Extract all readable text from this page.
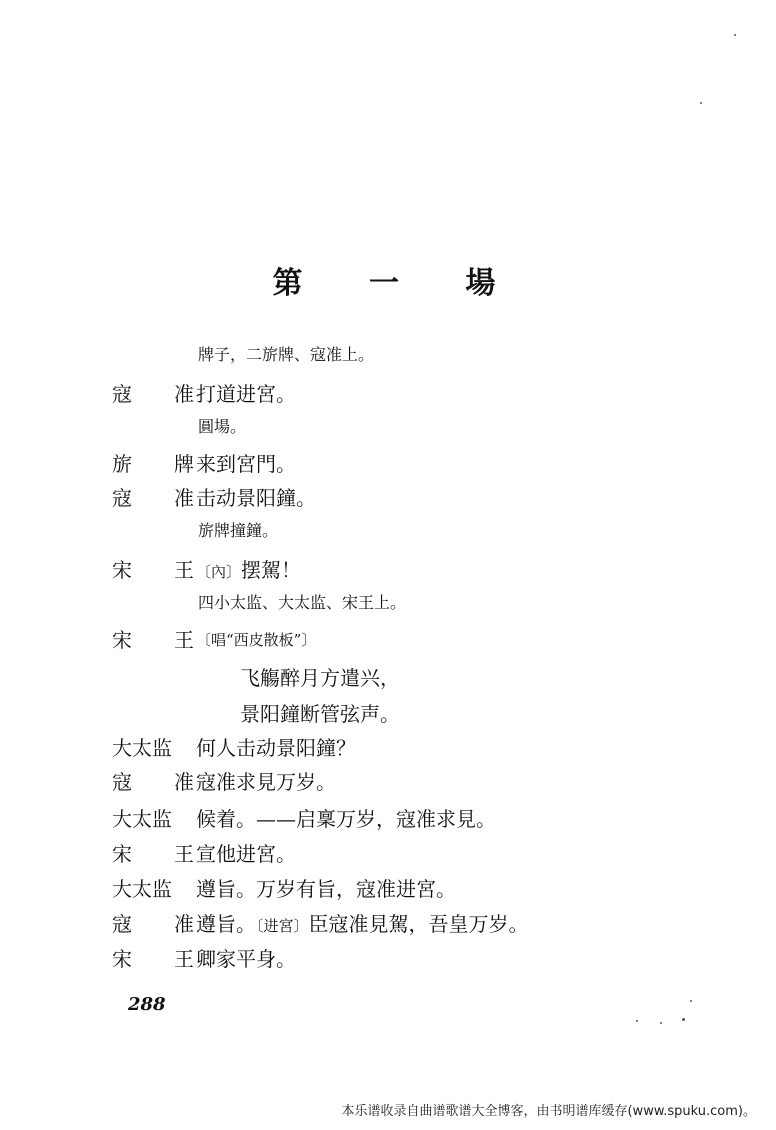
第 一 場
牌子，二旂牌、寇准上。
寇 准 打道进宮。
圓場。
旂 牌 来到宮門。
寇 准 击动景阳鐘。
旂牌撞鐘。
宋 王 〔內〕摆駕！
四小太监、大太监、宋王上。
宋 王 〔唱“西皮散板”〕
飞觴醉月方遣兴，
景阳鐘断管弦声。
大太监 何人击动景阳鐘？
寇 准 寇准求見万岁。
大太监 候着。——启稟万岁，寇准求見。
宋 王 宣他进宮。
大太监 遵旨。万岁有旨，寇准进宮。
寇 准 遵旨。〔进宮〕臣寇准見駕，吾皇万岁。
宋 王 卿家平身。
288
本乐谱收录自曲谱歌谱大全博客，由书明谱库缓存(www.spuku.com)。
